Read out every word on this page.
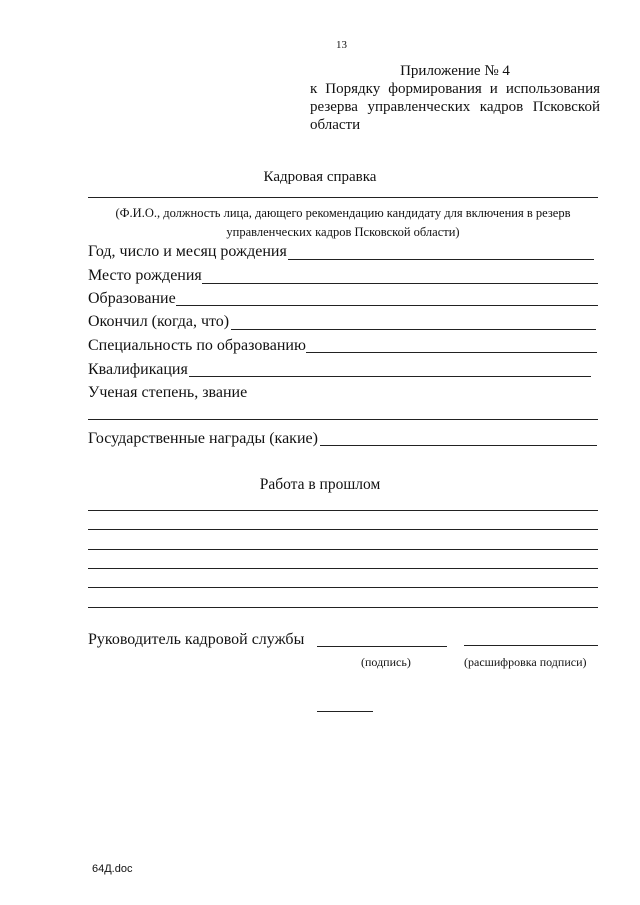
13
Приложение № 4
к Порядку формирования и использования
резерва управленческих кадров Псковской
области
Кадровая справка
(Ф.И.О., должность лица, дающего рекомендацию кандидату для включения в резерв управленческих кадров Псковской области)
Год, число и месяц рождения
Место рождения
Образование
Окончил (когда, что)
Специальность по образованию
Квалификация
Ученая степень, звание
Государственные награды (какие)
Работа в прошлом
Руководитель кадровой службы
(подпись)	(расшифровка подписи)
64Д.doc
